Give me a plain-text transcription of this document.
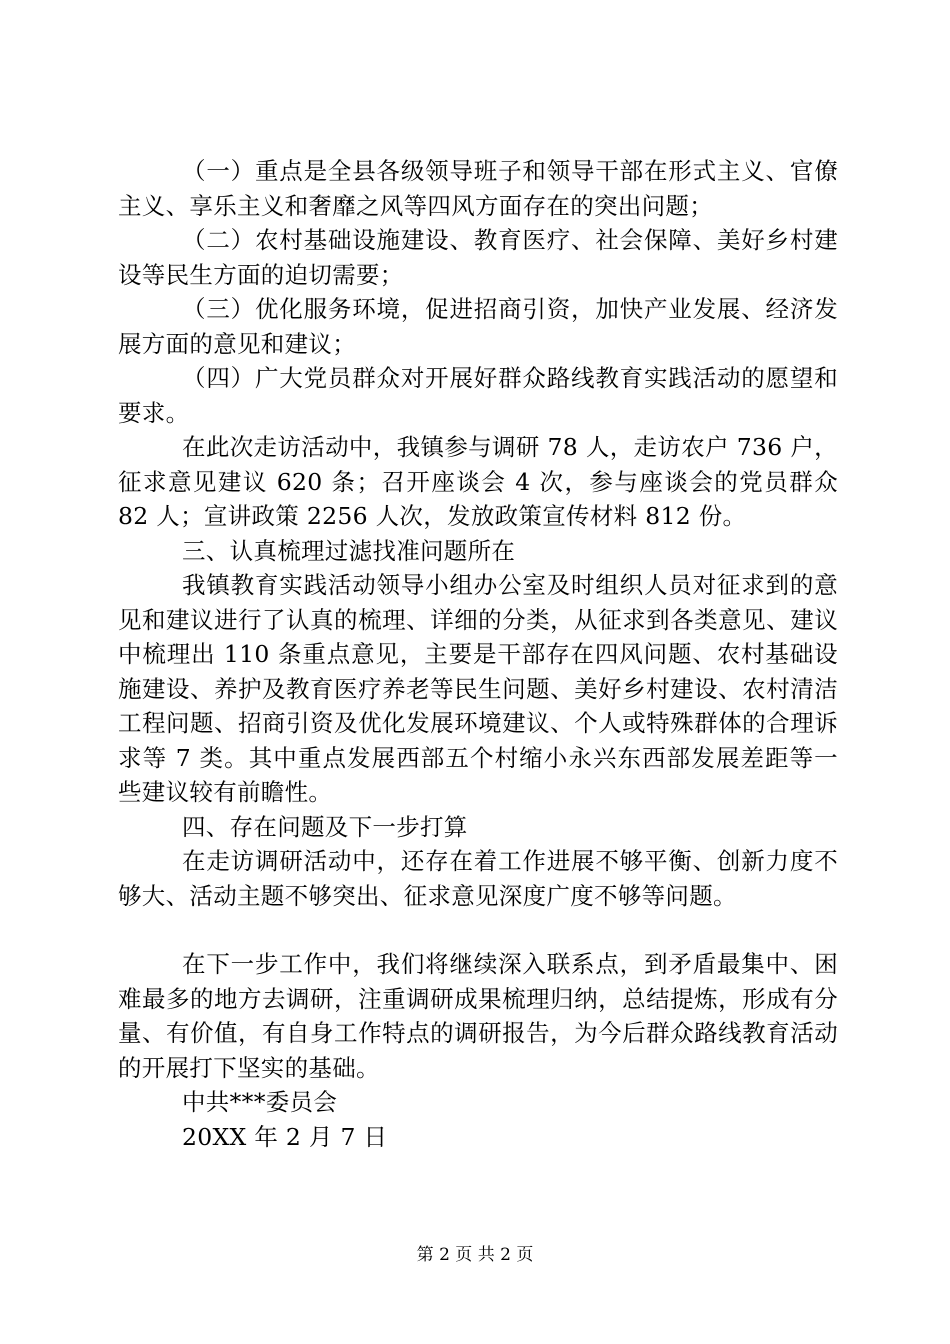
（一）重点是全县各级领导班子和领导干部在形式主义、官僚主义、享乐主义和奢靡之风等四风方面存在的突出问题；

（二）农村基础设施建设、教育医疗、社会保障、美好乡村建设等民生方面的迫切需要；

（三）优化服务环境，促进招商引资，加快产业发展、经济发展方面的意见和建议；

（四）广大党员群众对开展好群众路线教育实践活动的愿望和要求。

在此次走访活动中，我镇参与调研 78 人，走访农户 736 户，征求意见建议 620 条；召开座谈会 4 次，参与座谈会的党员群众 82 人；宣讲政策 2256 人次，发放政策宣传材料 812 份。

三、认真梳理过滤找准问题所在

我镇教育实践活动领导小组办公室及时组织人员对征求到的意见和建议进行了认真的梳理、详细的分类，从征求到各类意见、建议中梳理出 110 条重点意见，主要是干部存在四风问题、农村基础设施建设、养护及教育医疗养老等民生问题、美好乡村建设、农村清洁工程问题、招商引资及优化发展环境建议、个人或特殊群体的合理诉求等 7 类。其中重点发展西部五个村缩小永兴东西部发展差距等一些建议较有前瞻性。

四、存在问题及下一步打算

在走访调研活动中，还存在着工作进展不够平衡、创新力度不够大、活动主题不够突出、征求意见深度广度不够等问题。

在下一步工作中，我们将继续深入联系点，到矛盾最集中、困难最多的地方去调研，注重调研成果梳理归纳，总结提炼，形成有分量、有价值，有自身工作特点的调研报告，为今后群众路线教育活动的开展打下坚实的基础。

中共***委员会

20XX 年 2 月 7 日

第 2 页 共 2 页
